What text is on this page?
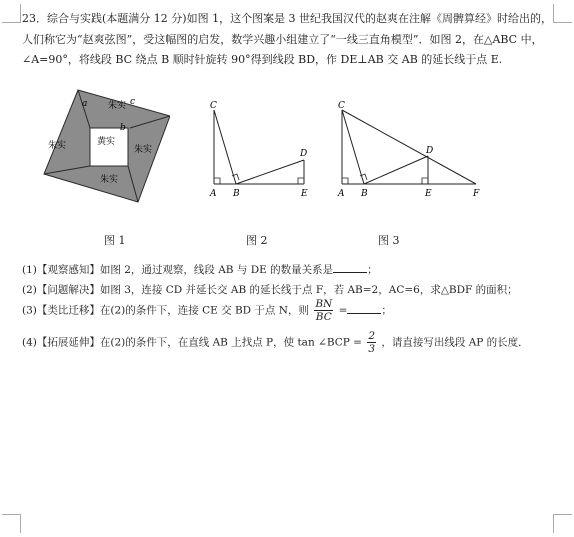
23．综合与实践(本题满分 12 分)如图 1，这个图案是 3 世纪我国汉代的赵爽在注解《周髀算经》时给出的，
人们称它为“赵爽弦图”，受这幅图的启发，数学兴趣小组建立了“一线三直角模型”．如图 2，在△ABC 中，
∠A=90°，将线段 BC 绕点 B 顺时针旋转 90°得到线段 BD，作 DE⊥AB 交 AB 的延长线于点 E.
朱实
朱实	朱实
朱实
黄实
a
b
c
图 1
C
A B	E
D
图 2
C
A B	E
D
F
图 3
(1)【观察感知】如图 2，通过观察，线段 AB 与 DE 的数量关系是	；
(2)【问题解决】如图 3，连接 CD 并延长交 AB 的延长线于点 F，若 AB=2，AC=6，求△BDF 的面积；
(3)【类比迁移】在(2)的条件下，连接 CE 交 BD 于点 N，则 $\frac{BN}{BC}$ =	；
(4)【拓展延伸】在(2)的条件下，在直线 AB 上找点 P，使 tan ∠BCP = $\frac{2}{3}$ ，请直接写出线段 AP 的长度．
